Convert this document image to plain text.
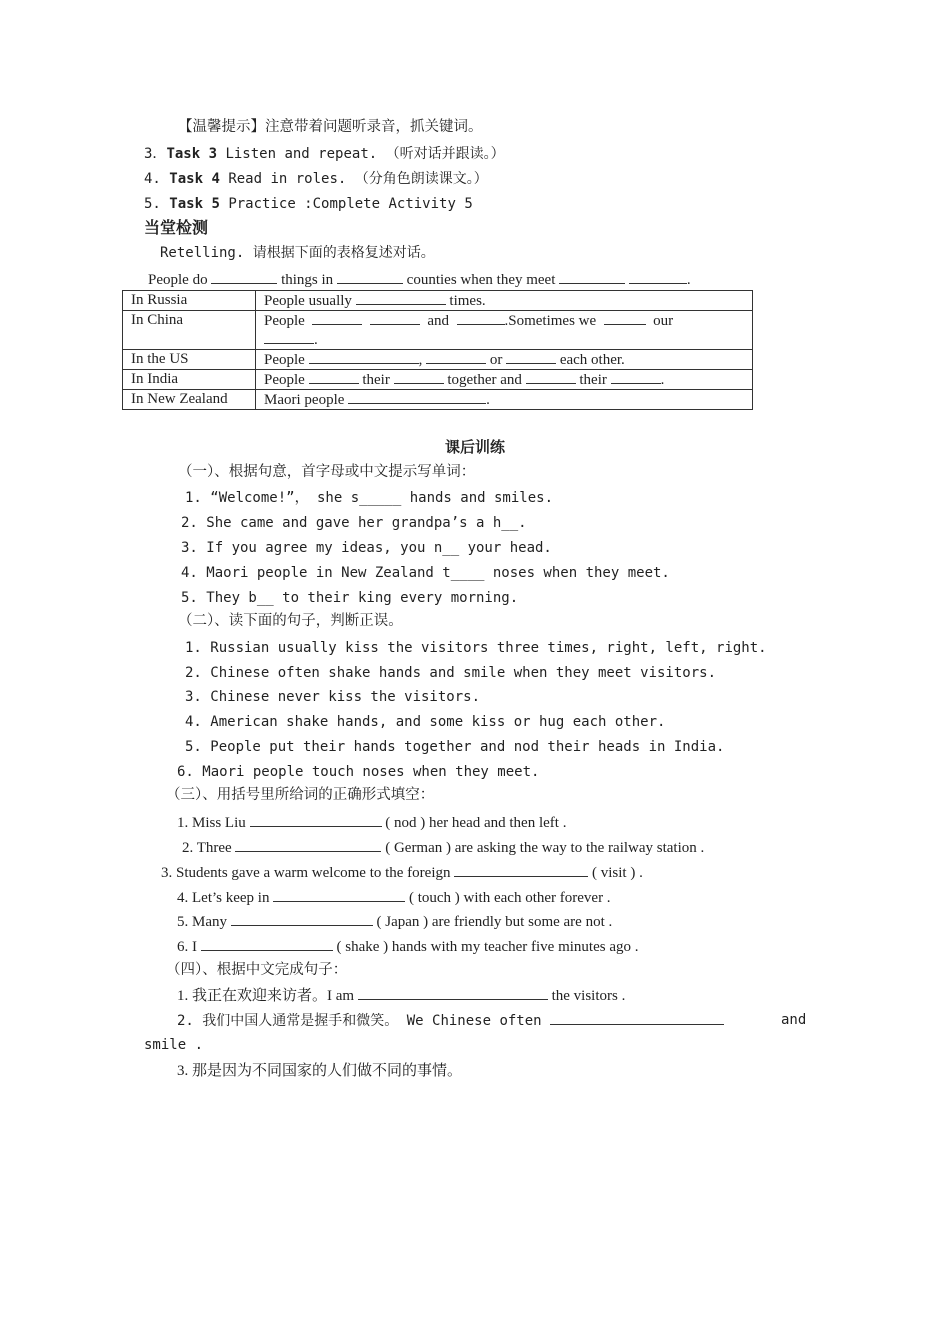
【温馨提示】注意带着问题听录音，抓关键词。
3．Task 3 Listen and repeat. （听对话并跟读。）
4. Task 4 Read in roles. （分角色朗读课文。）
5. Task 5 Practice :Complete Activity 5
当堂检测
Retelling. 请根据下面的表格复述对话。
People do	things in	counties when they meet	.
In Russia	People usually times.
In China	People and .Sometimes we our
.
In the US	People , or each other.
In India	People their together and their .
In New Zealand	Maori people .
课后训练
（一）、根据句意，首字母或中文提示写单词：
1. “Welcome!”， she s_____ hands and smiles.
2. She came and gave her grandpa’s a h__.
3. If you agree my ideas, you n__ your head.
4. Maori people in New Zealand t____ noses when they meet.
5. They b__ to their king every morning.
（二）、读下面的句子，判断正误。
1. Russian usually kiss the visitors three times, right, left, right.
2. Chinese often shake hands and smile when they meet visitors.
3. Chinese never kiss the visitors.
4. American shake hands, and some kiss or hug each other.
5. People put their hands together and nod their heads in India.
6. Maori people touch noses when they meet.
（三）、用括号里所给词的正确形式填空：
1. Miss Liu	( nod ) her head and then left .
2. Three	( German ) are asking the way to the railway station .
3. Students gave a warm welcome to the foreign	( visit ) .
4. Let’s keep in	( touch ) with each other forever .
5. Many	( Japan ) are friendly but some are not .
6. I	( shake ) hands with my teacher five minutes ago .
（四）、根据中文完成句子：
1. 我正在欢迎来访者。I am	the visitors .
2. 我们中国人通常是握手和微笑。 We Chinese often	and
smile .
3. 那是因为不同国家的人们做不同的事情。
